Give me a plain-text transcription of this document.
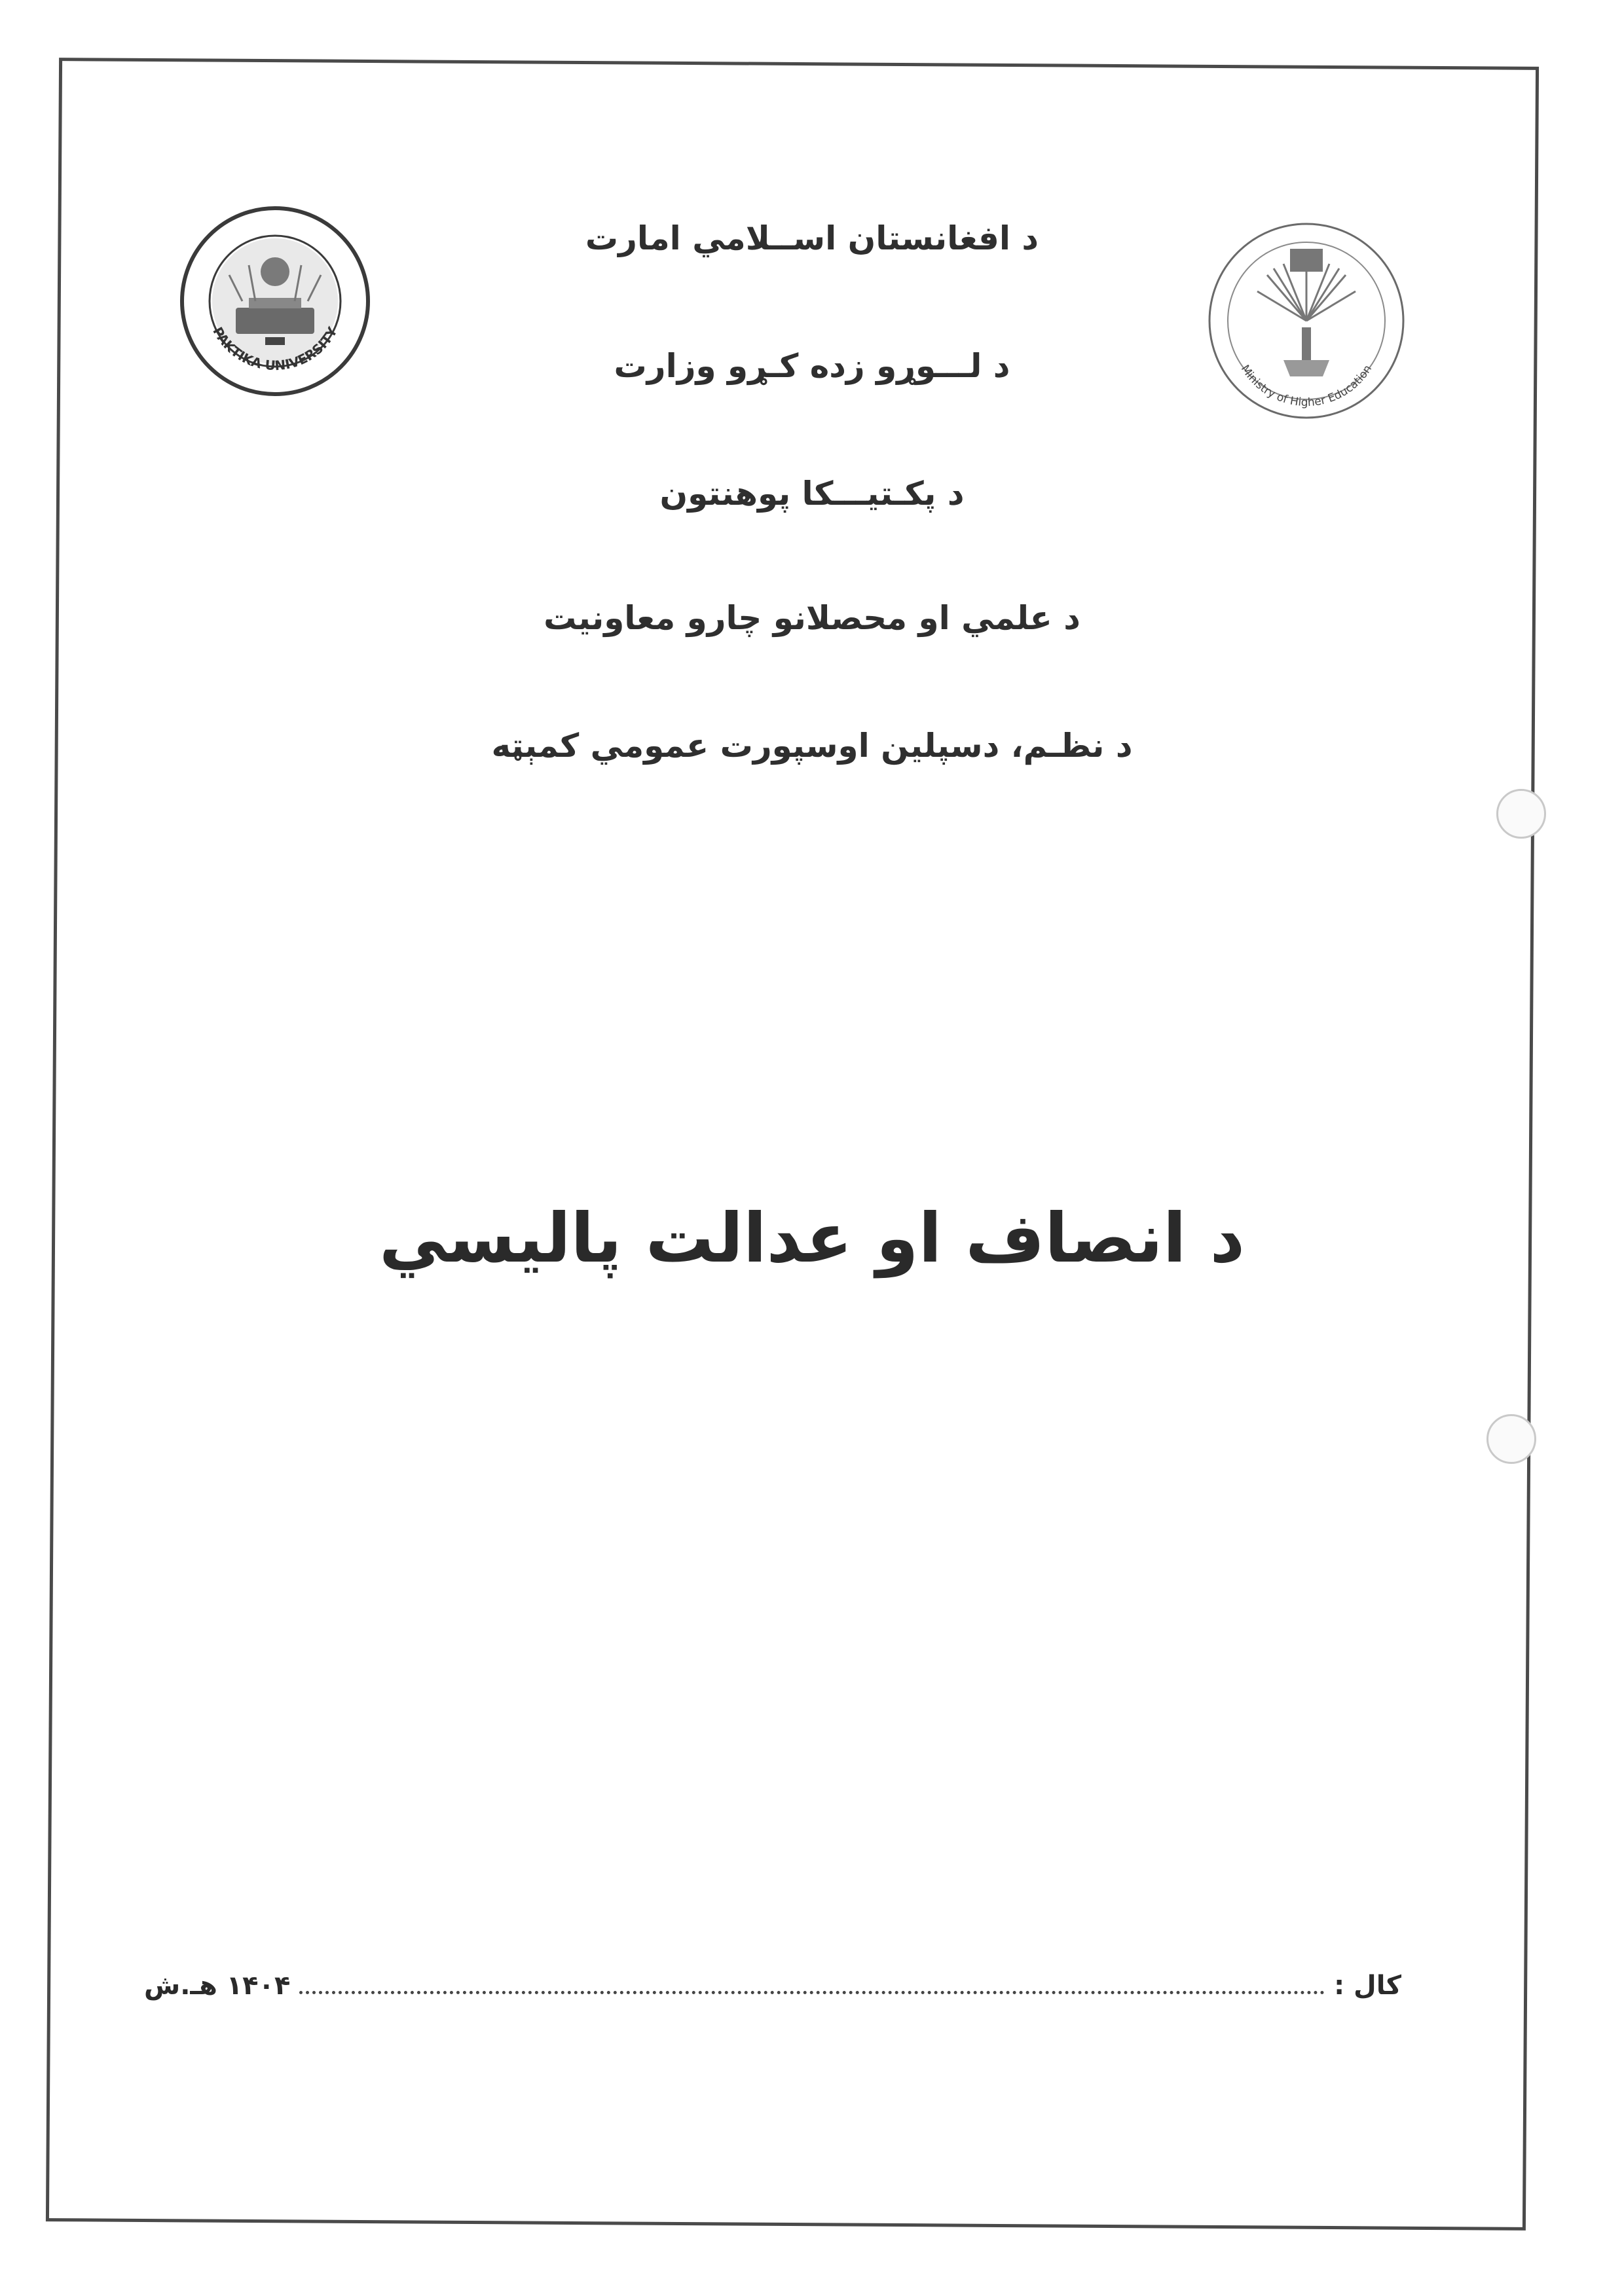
PAKTIKA UNIVERSITY
Ministry of Higher Education
د افغانستان اســلامي امارت
د لـــوړو زده کـړو وزارت
د پکـتيـــکا پوهنتون
د علمي او محصلانو چارو معاونيت
د نظـم، دسپلين اوسپورت عمومي کمېټه
د انصاف او عدالت پاليسي
کال :
۱۴۰۴ هـ.ش
